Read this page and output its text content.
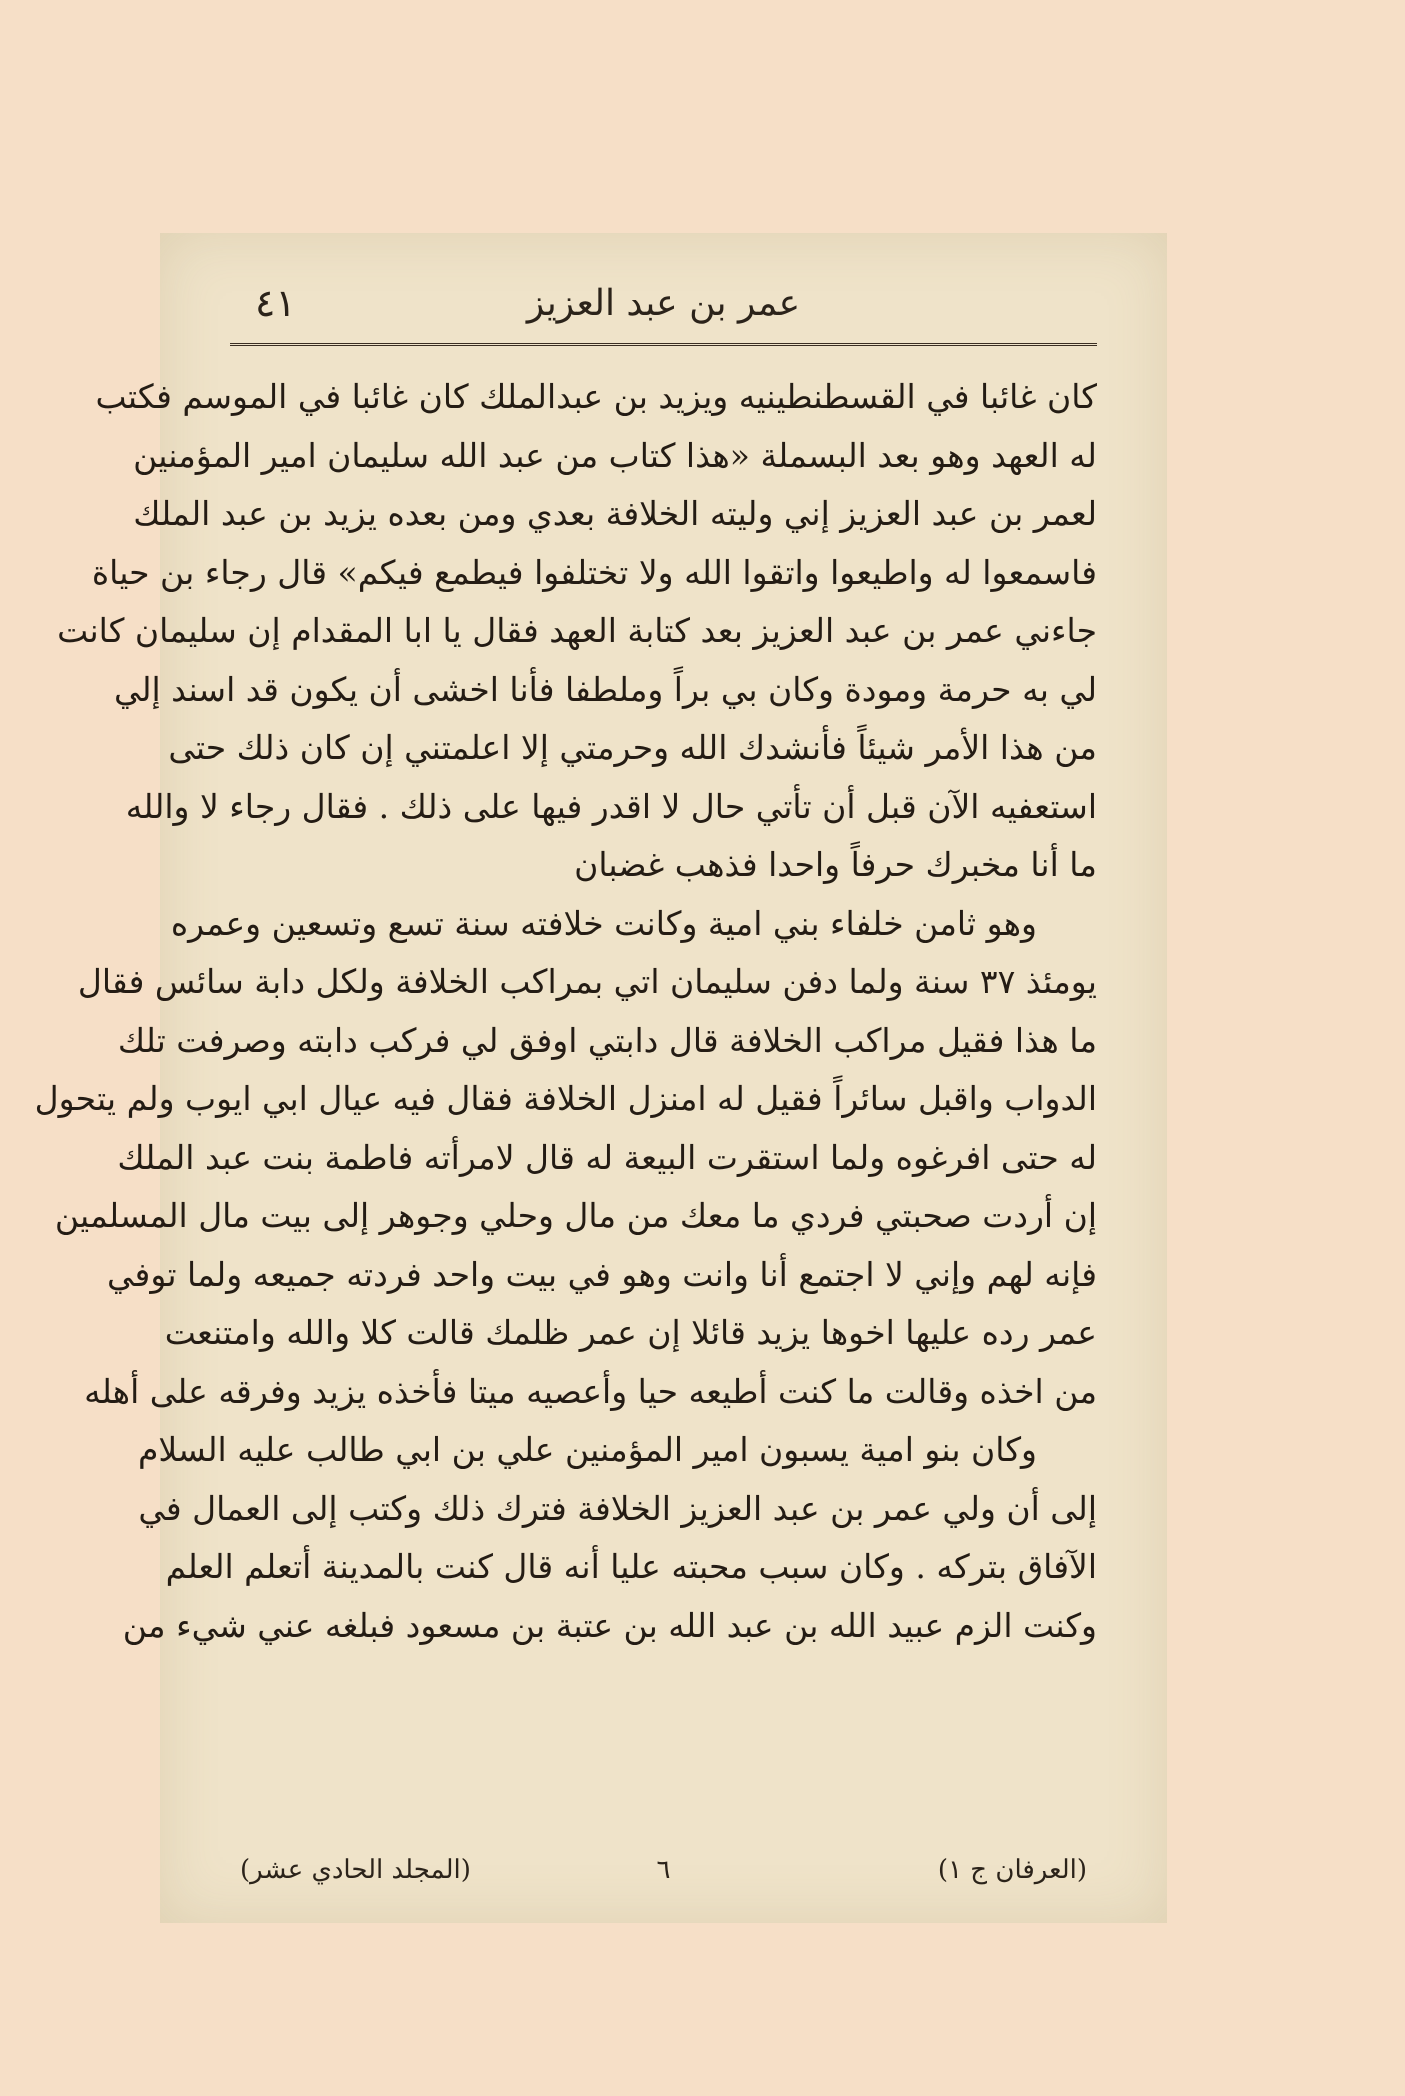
٤١	عمر بن عبد العزيز
كان غائبا في القسطنطينيه ويزيد بن عبدالملك كان غائبا في الموسم فكتب
له العهد وهو بعد البسملة «هذا كتاب من عبد الله سليمان امير المؤمنين
لعمر بن عبد العزيز إني وليته الخلافة بعدي ومن بعده يزيد بن عبد الملك
فاسمعوا له واطيعوا واتقوا الله ولا تختلفوا فيطمع فيكم» قال رجاء بن حياة
جاءني عمر بن عبد العزيز بعد كتابة العهد فقال يا ابا المقدام إن سليمان كانت
لي به حرمة ومودة وكان بي براً وملطفا فأنا اخشى أن يكون قد اسند إلي
من هذا الأمر شيئاً فأنشدك الله وحرمتي إلا اعلمتني إن كان ذلك حتى
استعفيه الآن قبل أن تأتي حال لا اقدر فيها على ذلك . فقال رجاء لا والله
ما أنا مخبرك حرفاً واحدا فذهب غضبان
وهو ثامن خلفاء بني امية وكانت خلافته سنة تسع وتسعين وعمره
يومئذ ٣٧ سنة ولما دفن سليمان اتي بمراكب الخلافة ولكل دابة سائس فقال
ما هذا فقيل مراكب الخلافة قال دابتي اوفق لي فركب دابته وصرفت تلك
الدواب واقبل سائراً فقيل له امنزل الخلافة فقال فيه عيال ابي ايوب ولم يتحول
له حتى افرغوه ولما استقرت البيعة له قال لامرأته فاطمة بنت عبد الملك
إن أردت صحبتي فردي ما معك من مال وحلي وجوهر إلى بيت مال المسلمين
فإنه لهم وإني لا اجتمع أنا وانت وهو في بيت واحد فردته جميعه ولما توفي
عمر رده عليها اخوها يزيد قائلا إن عمر ظلمك قالت كلا والله وامتنعت
من اخذه وقالت ما كنت أطيعه حيا وأعصيه ميتا فأخذه يزيد وفرقه على أهله
وكان بنو امية يسبون امير المؤمنين علي بن ابي طالب عليه السلام
إلى أن ولي عمر بن عبد العزيز الخلافة فترك ذلك وكتب إلى العمال في
الآفاق بتركه . وكان سبب محبته عليا أنه قال كنت بالمدينة أتعلم العلم
وكنت الزم عبيد الله بن عبد الله بن عتبة بن مسعود فبلغه عني شيء من
(المجلد الحادي عشر)	٦	(العرفان ج ١)
